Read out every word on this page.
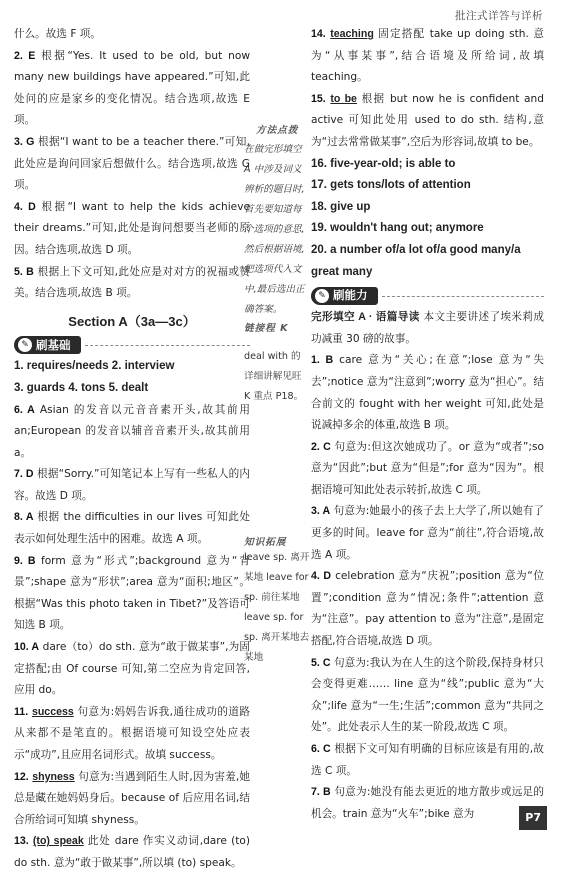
批注式详答与详析

什么。故选 F 项。

2. E 根据“Yes. It used to be old, but now many new buildings have appeared.”可知,此处问的应是家乡的变化情况。结合选项,故选 E 项。

3. G 根据“I want to be a teacher there.”可知,此处应是询问回家后想做什么。结合选项,故选 G 项。

4. D 根据“I want to help the kids achieve their dreams.”可知,此处是询问想要当老师的原因。结合选项,故选 D 项。

5. B 根据上下文可知,此处应是对对方的祝福或赞美。结合选项,故选 B 项。

Section A（3a—3c）
✎ 刷基础

1. requires/needs 2. interview

3. guards 4. tons 5. dealt

6. A Asian 的发音以元音音素开头,故其前用 an;European 的发音以辅音音素开头,故其前用 a。

7. D 根据“Sorry.”可知笔记本上写有一些私人的内容。故选 D 项。

8. A 根据 the difficulties in our lives 可知此处表示如何处理生活中的困难。故选 A 项。

9. B form 意为“形式”;background 意为“背景”;shape 意为“形状”;area 意为“面积;地区”。根据“Was this photo taken in Tibet?”及答语可知选 B 项。

10. A dare（to）do sth. 意为“敢于做某事”,为固定搭配;由 Of course 可知,第二空应为肯定回答,应用 do。

11. success 句意为:妈妈告诉我,通往成功的道路从来都不是笔直的。根据语境可知设空处应表示“成功”,且应用名词形式。故填 success。

12. shyness 句意为:当遇到陌生人时,因为害羞,她总是藏在她妈妈身后。because of 后应用名词,结合所给词可知填 shyness。

13. (to) speak 此处 dare 作实义动词,dare (to) do sth. 意为“敢于做某事”,所以填 (to) speak。

方法点拨
在做完形填空 A 中涉及词义辨析的题目时,首先要知道每个选项的意思,然后根据语境,把选项代入文中,最后选出正确答案。
链接程 K
deal with 的详细讲解见旺 K 重点 P18。
知识拓展
leave sp. 离开某地 leave for sp. 前往某地 leave sp. for sp. 离开某地去某地

14. teaching 固定搭配 take up doing sth. 意为“从事某事”,结合语境及所给词,故填 teaching。

15. to be 根据 but now he is confident and active 可知此处用 used to do sth. 结构,意为“过去常常做某事”,空后为形容词,故填 to be。

16. five-year-old; is able to

17. gets tons/lots of attention

18. give up

19. wouldn't hang out; anymore

20. a number of/a lot of/a good many/a great many

✎ 刷能力

完形填空 A · 语篇导读 本文主要讲述了埃米莉成功减重 30 磅的故事。

1. B care 意为“关心;在意”;lose 意为“失去”;notice 意为“注意到”;worry 意为“担心”。结合前文的 fought with her weight 可知,此处是说减掉多余的体重,故选 B 项。

2. C 句意为:但这次她成功了。or 意为“或者”;so 意为“因此”;but 意为“但是”;for 意为“因为”。根据语境可知此处表示转折,故选 C 项。

3. A 句意为:她最小的孩子去上大学了,所以她有了更多的时间。leave for 意为“前往”,符合语境,故选 A 项。

4. D celebration 意为“庆祝”;position 意为“位置”;condition 意为“情况;条件”;attention 意为“注意”。pay attention to 意为“注意”,是固定搭配,符合语境,故选 D 项。

5. C 句意为:我认为在人生的这个阶段,保持身材只会变得更难…… line 意为“线”;public 意为“大众”;life 意为“一生;生活”;common 意为“共同之处”。此处表示人生的某一阶段,故选 C 项。

6. C 根据下文可知有明确的目标应该是有用的,故选 C 项。

7. B 句意为:她没有能去更近的地方散步或远足的机会。train 意为“火车”;bike 意为	P7
